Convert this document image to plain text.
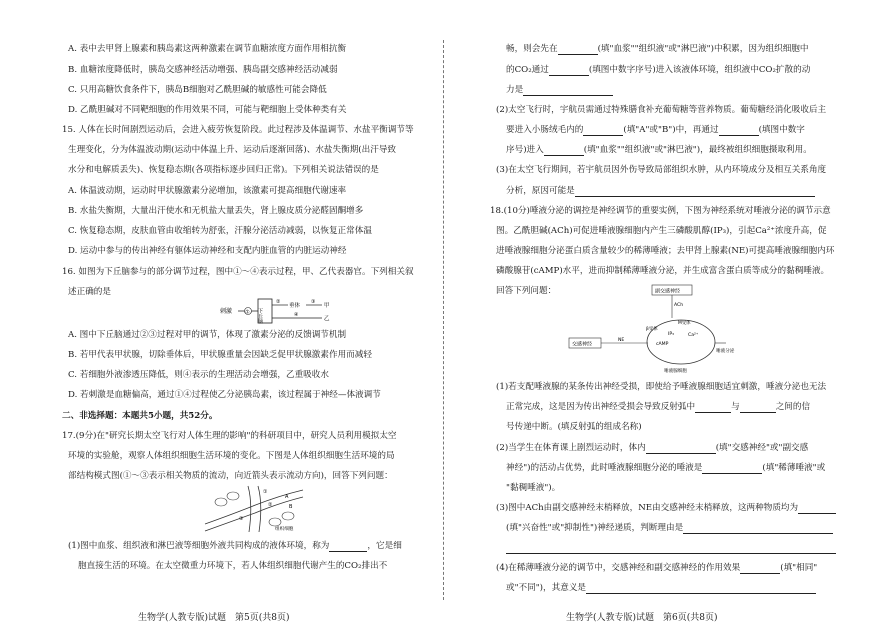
A. 表中去甲肾上腺素和胰岛素这两种激素在调节血糖浓度方面作用相抗衡
B. 血糖浓度降低时，胰岛交感神经活动增强、胰岛副交感神经活动减弱
C. 只用高糖饮食条件下，胰岛B细胞对乙酰胆碱的敏感性可能会降低
D. 乙酰胆碱对不同靶细胞的作用效果不同，可能与靶细胞上受体种类有关
15. 人体在长时间剧烈运动后，会进入疲劳恢复阶段。此过程涉及体温调节、水盐平衡调节等
生理变化，分为体温波动期(运动中体温上升、运动后逐渐回落)、水盐失衡期(出汗导致
水分和电解质丢失)、恢复稳态期(各项指标逐步回归正常)。下列相关说法错误的是
A. 体温波动期，运动时甲状腺激素分泌增加，该激素可提高细胞代谢速率
B. 水盐失衡期，大量出汗使水和无机盐大量丢失，肾上腺皮质分泌醛固酮增多
C. 恢复稳态期，皮肤血管由收缩转为舒张，汗腺分泌活动减弱，以恢复正常体温
D. 运动中参与的传出神经有躯体运动神经和支配内脏血管的内脏运动神经
16. 如图为下丘脑参与的部分调节过程，图中①～④表示过程，甲、乙代表器官。下列相关叙
述正确的是
刺激	① 下丘脑
②
垂体
③
甲
④
乙
A. 图中下丘脑通过②③过程对甲的调节，体现了激素分泌的反馈调节机制
B. 若甲代表甲状腺，切除垂体后，甲状腺重量会因缺乏促甲状腺激素作用而减轻
C. 若细胞外液渗透压降低，则④表示的生理活动会增强，乙重吸收水
D. 若刺激是血糖偏高，通过①④过程使乙分泌胰岛素，该过程属于神经—体液调节
二、非选择题：本题共5小题，共52分。
17.(9分)在"研究长期太空飞行对人体生理的影响"的科研项目中，研究人员利用模拟太空
环境的实验舱，观察人体组织细胞生活环境的变化。下图是人体组织细胞生活环境的局
部结构模式图(①～③表示相关物质的流动，向近箭头表示流动方向)，回答下列问题：
①
②
③
A
B
组织细胞
(1)图中血浆、组织液和淋巴液等细胞外液共同构成的液体环境，称为	，它是细
胞直接生活的环境。在太空微重力环境下，若人体组织细胞代谢产生的CO₂排出不
生物学(人教专版)试题　第5页(共8页)
畅，则会先在	(填"血浆""组织液"或"淋巴液")中积累，因为组织细胞中
的CO₂通过	(填图中数字序号)进入该液体环境，组织液中CO₂扩散的动
力是
(2)太空飞行时，宇航员需通过特殊膳食补充葡萄糖等营养物质。葡萄糖经消化吸收后主
要进入小肠绒毛内的	(填"A"或"B")中，再通过	(填图中数字
序号)进入	(填"血浆""组织液"或"淋巴液")，最终被组织细胞摄取利用。
(3)在太空飞行期间，若宇航员因外伤导致局部组织水肿，从内环境成分及相互关系角度
分析，原因可能是
18.(10分)唾液分泌的调控是神经调节的重要实例，下图为神经系统对唾液分泌的调节示意
图。乙酰胆碱(ACh)可促进唾液腺细胞内产生三磷酸肌醇(IP₃)，引起Ca²⁺浓度升高，促
进唾液腺细胞分泌蛋白质含量较少的稀薄唾液；去甲肾上腺素(NE)可提高唾液腺细胞内环
磷酸腺苷(cAMP)水平，进而抑制稀薄唾液分泌，并生成富含蛋白质等成分的黏稠唾液。
回答下列问题：	副交感神经
ACh
M受体
IP₃	Ca²⁺
β受体
交感神经
NE
cAMP
唾液分泌
唾液腺细胞
(1)若支配唾液腺的某条传出神经受损，即使给予唾液腺细胞适宜刺激，唾液分泌也无法
正常完成，这是因为传出神经受损会导致反射弧中	与	之间的信
号传递中断。(填反射弧的组成名称)
(2)当学生在体育课上剧烈运动时，体内	(填"交感神经"或"副交感
神经")的活动占优势，此时唾液腺细胞分泌的唾液是	(填"稀薄唾液"或
"黏稠唾液")。
(3)图中ACh由副交感神经末梢释放，NE由交感神经末梢释放，这两种物质均为
(填"兴奋性"或"抑制性")神经递质，判断理由是
(4)在稀薄唾液分泌的调节中，交感神经和副交感神经的作用效果	(填"相同"
或"不同")，其意义是
生物学(人教专版)试题　第6页(共8页)
